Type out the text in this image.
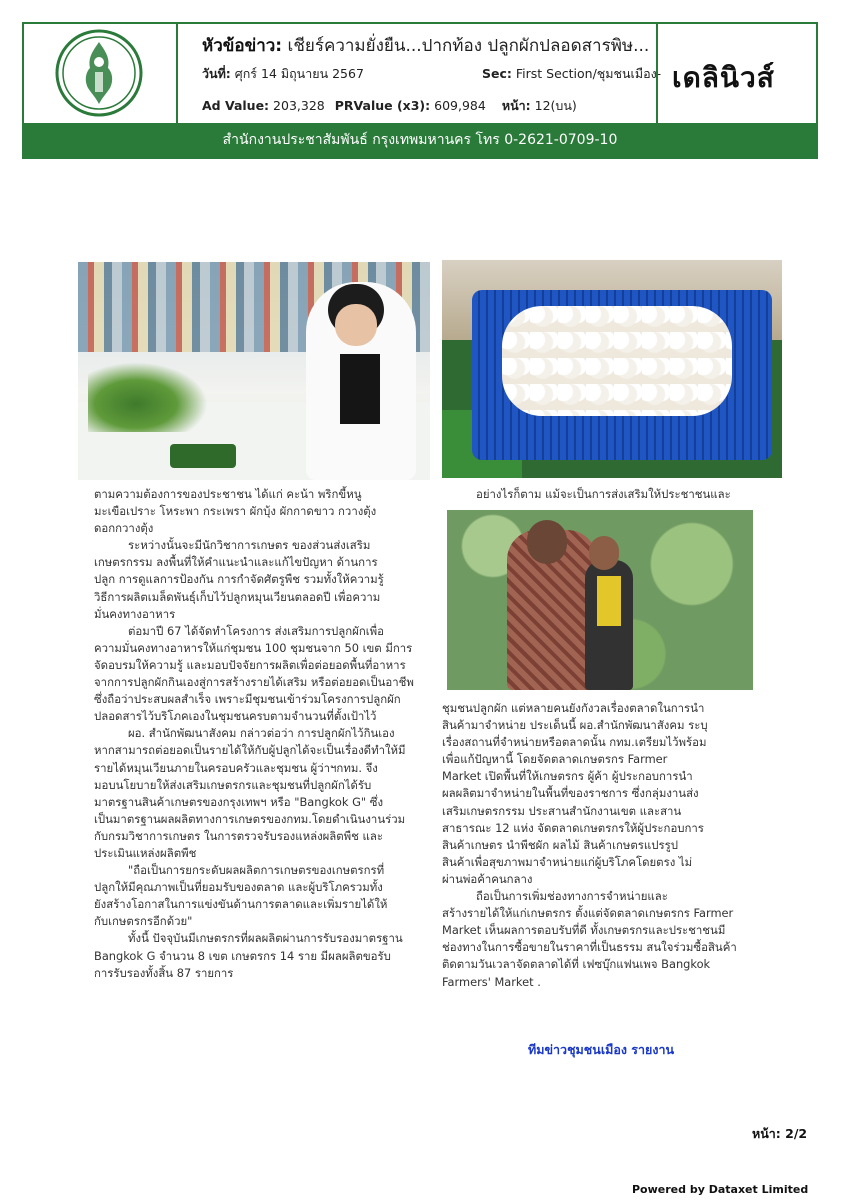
หัวข้อข่าว: เชียร์ความยั่งยืน...ปากท้อง ปลูกผักปลอดสารพิษ...
วันที่: ศุกร์ 14 มิถุนายน 2567	Sec: First Section/ชุมชนเมือง-
Ad Value: 203,328 PRValue (x3): 609,984 หน้า: 12(บน)
เดลินิวส์
สำนักงานประชาสัมพันธ์ กรุงเทพมหานคร โทร 0-2621-0709-10

ตามความต้องการของประชาชน ได้แก่ คะน้า พริกขี้หนู

มะเขือเปราะ โหระพา กระเพรา ผักบุ้ง ผักกาดขาว กวางตุ้ง

ดอกกวางตุ้ง

ระหว่างนั้นจะมีนักวิชาการเกษตร ของส่วนส่งเสริม

เกษตรกรรม ลงพื้นที่ให้คำแนะนำและแก้ไขปัญหา ด้านการ

ปลูก การดูแลการป้องกัน การกำจัดศัตรูพืช รวมทั้งให้ความรู้

วิธีการผลิตเมล็ดพันธุ์เก็บไว้ปลูกหมุนเวียนตลอดปี เพื่อความ

มั่นคงทางอาหาร

ต่อมาปี 67 ได้จัดทำโครงการ ส่งเสริมการปลูกผักเพื่อ

ความมั่นคงทางอาหารให้แก่ชุมชน 100 ชุมชนจาก 50 เขต มีการ

จัดอบรมให้ความรู้ และมอบปัจจัยการผลิตเพื่อต่อยอดพื้นที่อาหาร

จากการปลูกผักกินเองสู่การสร้างรายได้เสริม หรือต่อยอดเป็นอาชีพ

ซึ่งถือว่าประสบผลสำเร็จ เพราะมีชุมชนเข้าร่วมโครงการปลูกผัก

ปลอดสารไว้บริโภคเองในชุมชนครบตามจำนวนที่ตั้งเป้าไว้

ผอ. สำนักพัฒนาสังคม กล่าวต่อว่า การปลูกผักไว้กินเอง

หากสามารถต่อยอดเป็นรายได้ให้กับผู้ปลูกได้จะเป็นเรื่องดีทำให้มี

รายได้หมุนเวียนภายในครอบครัวและชุมชน ผู้ว่าฯกทม. จึง

มอบนโยบายให้ส่งเสริมเกษตรกรและชุมชนที่ปลูกผักได้รับ

มาตรฐานสินค้าเกษตรของกรุงเทพฯ หรือ "Bangkok G" ซึ่ง

เป็นมาตรฐานผลผลิตทางการเกษตรของกทม.โดยดำเนินงานร่วม

กับกรมวิชาการเกษตร ในการตรวจรับรองแหล่งผลิตพืช และ

ประเมินแหล่งผลิตพืช

"ถือเป็นการยกระดับผลผลิตการเกษตรของเกษตรกรที่

ปลูกให้มีคุณภาพเป็นที่ยอมรับของตลาด และผู้บริโภครวมทั้ง

ยังสร้างโอกาสในการแข่งขันด้านการตลาดและเพิ่มรายได้ให้

กับเกษตรกรอีกด้วย"

ทั้งนี้ ปัจจุบันมีเกษตรกรที่ผลผลิตผ่านการรับรองมาตรฐาน

Bangkok G จำนวน 8 เขต เกษตรกร 14 ราย มีผลผลิตขอรับ

การรับรองทั้งสิ้น 87 รายการ

อย่างไรก็ตาม แม้จะเป็นการส่งเสริมให้ประชาชนและ

ชุมชนปลูกผัก แต่หลายคนยังกังวลเรื่องตลาดในการนำ

สินค้ามาจำหน่าย ประเด็นนี้ ผอ.สำนักพัฒนาสังคม ระบุ

เรื่องสถานที่จำหน่ายหรือตลาดนั้น กทม.เตรียมไว้พร้อม

เพื่อแก้ปัญหานี้ โดยจัดตลาดเกษตรกร Farmer

Market เปิดพื้นที่ให้เกษตรกร ผู้ค้า ผู้ประกอบการนำ

ผลผลิตมาจำหน่ายในพื้นที่ของราชการ ซึ่งกลุ่มงานส่ง

เสริมเกษตรกรรม ประสานสำนักงานเขต และสาน

สาธารณะ 12 แห่ง จัดตลาดเกษตรกรให้ผู้ประกอบการ

สินค้าเกษตร นำพืชผัก ผลไม้ สินค้าเกษตรแปรรูป

สินค้าเพื่อสุขภาพมาจำหน่ายแก่ผู้บริโภคโดยตรง ไม่

ผ่านพ่อค้าคนกลาง

ถือเป็นการเพิ่มช่องทางการจำหน่ายและ

สร้างรายได้ให้แก่เกษตรกร ตั้งแต่จัดตลาดเกษตรกร Farmer

Market เห็นผลการตอบรับที่ดี ทั้งเกษตรกรและประชาชนมี

ช่องทางในการซื้อขายในราคาที่เป็นธรรม สนใจร่วมซื้อสินค้า

ติดตามวันเวลาจัดตลาดได้ที่ เฟซบุ๊กแฟนเพจ Bangkok

Farmers' Market .

ทีมข่าวชุมชนเมือง รายงาน
หน้า: 2/2
Powered by Dataxet Limited
